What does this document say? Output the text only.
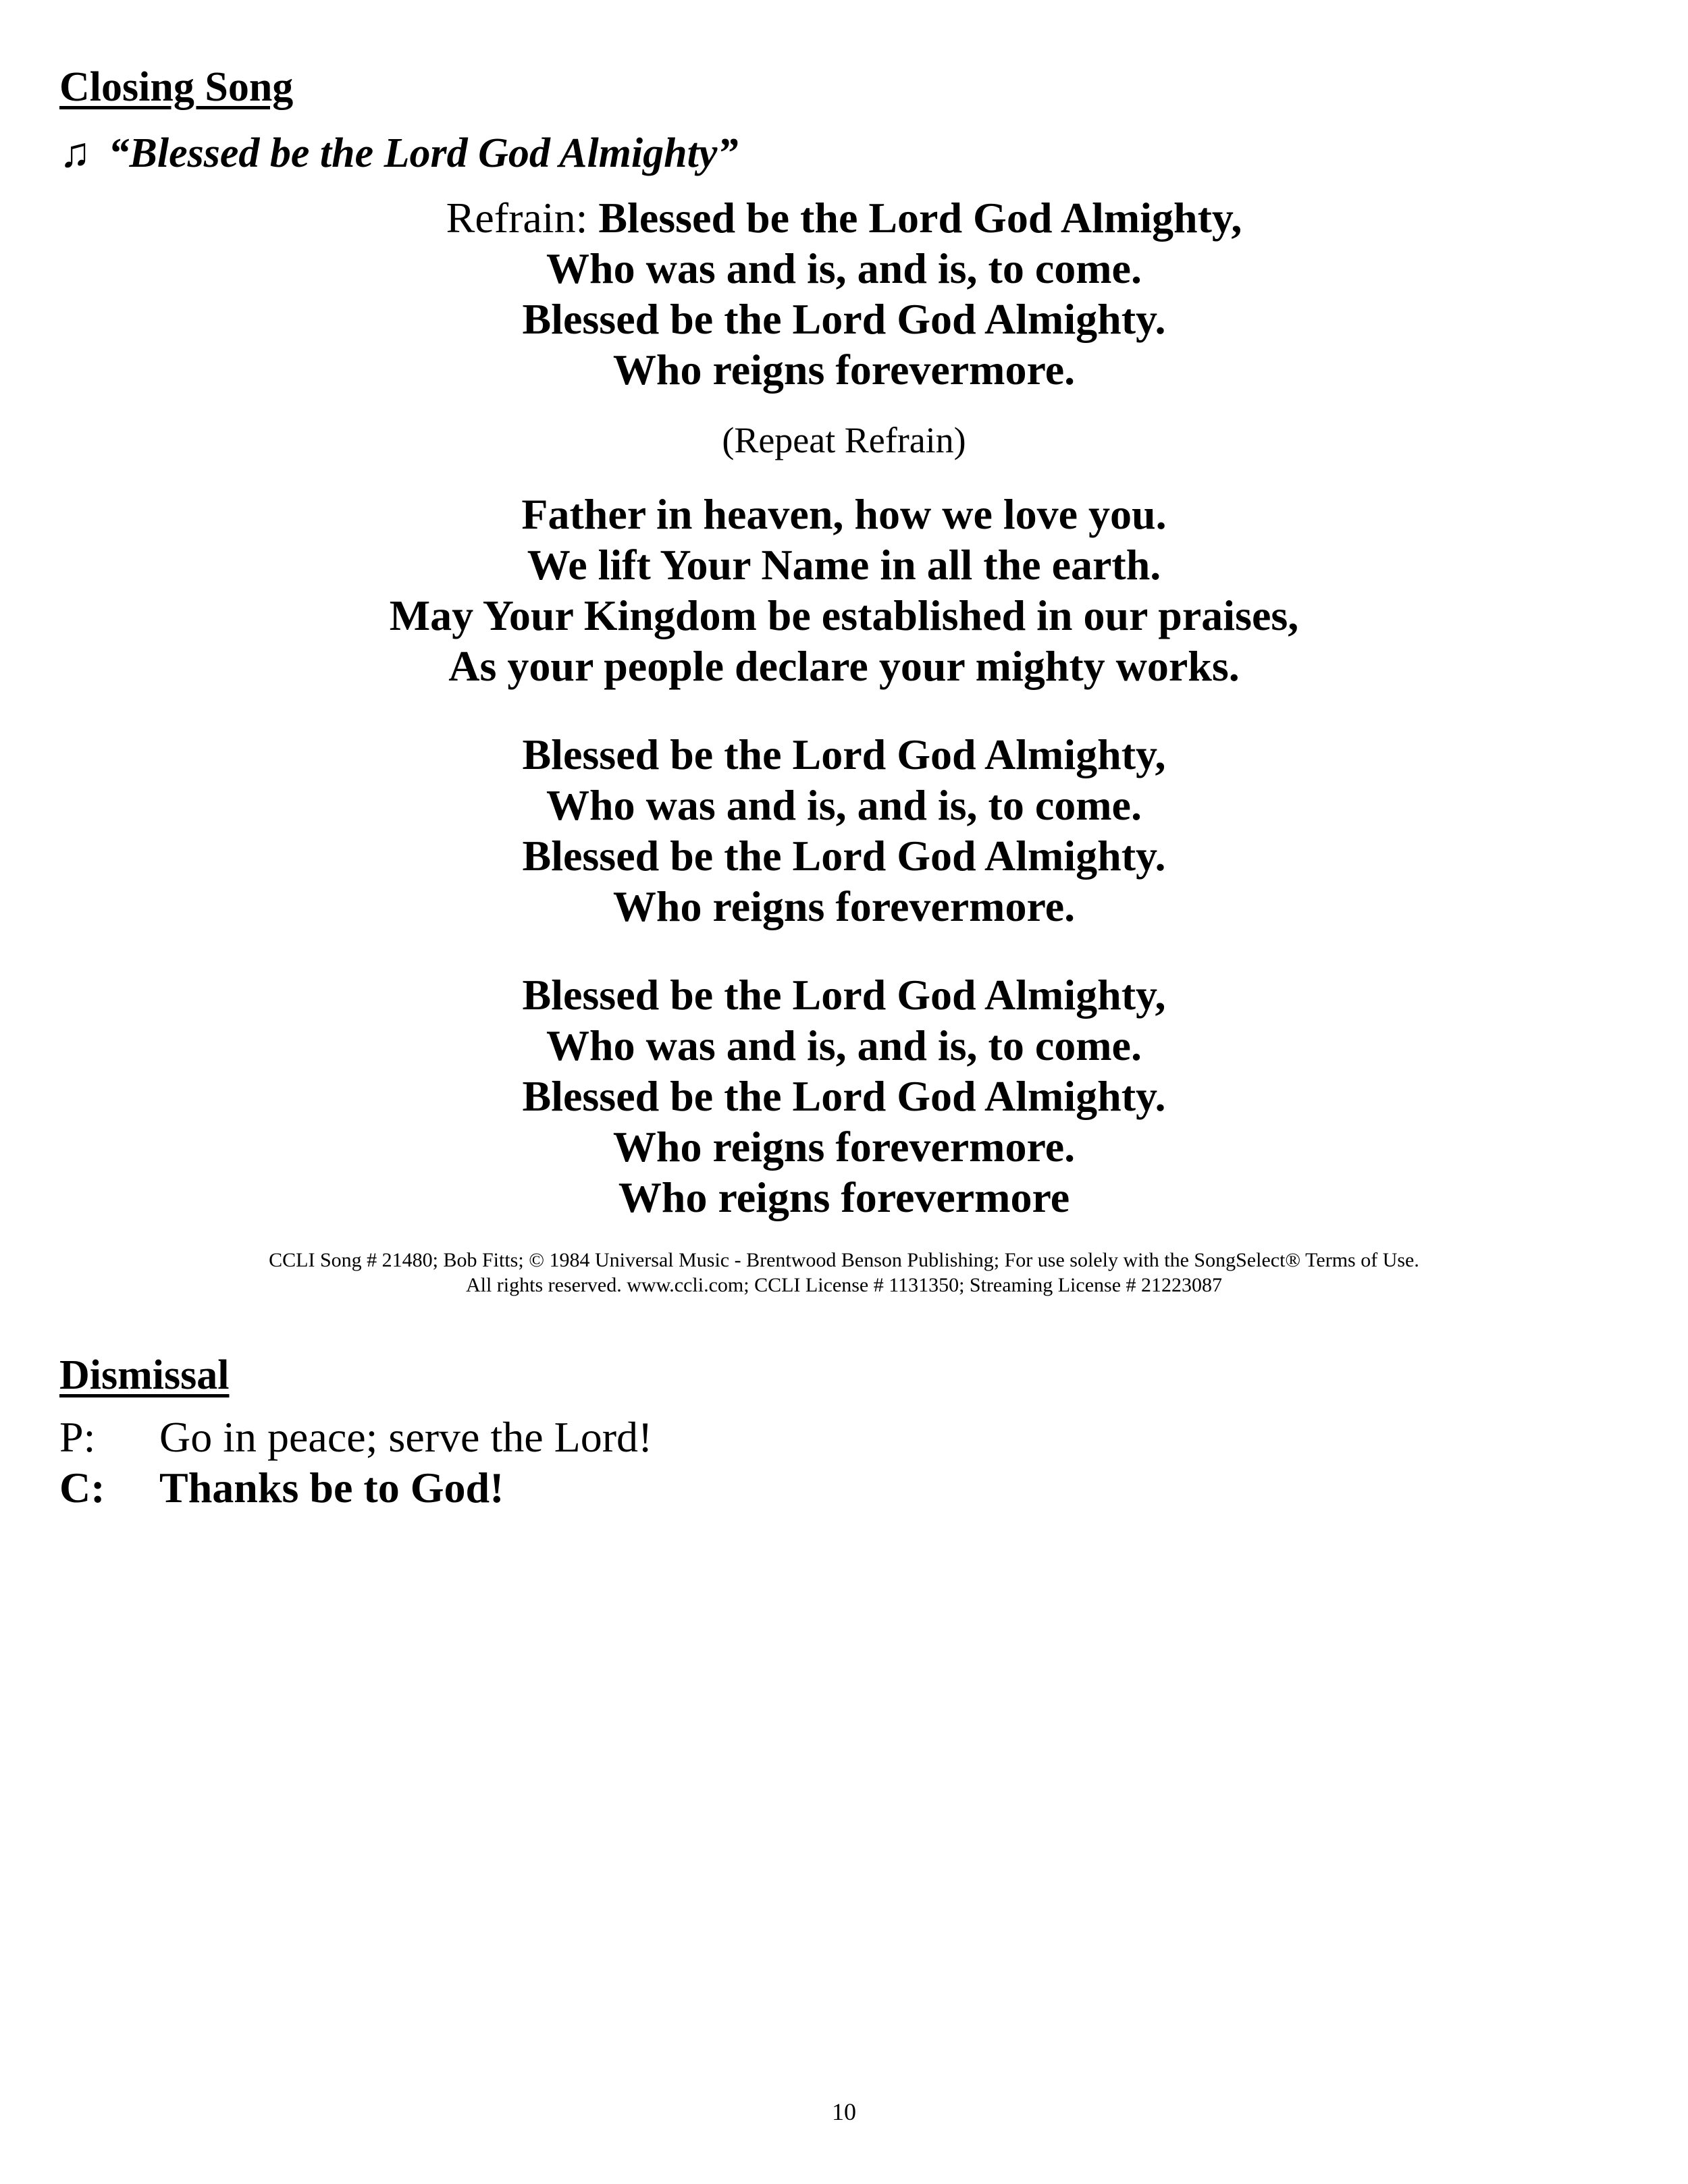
Closing Song
♫ “Blessed be the Lord God Almighty”
Refrain: Blessed be the Lord God Almighty,
Who was and is, and is, to come.
Blessed be the Lord God Almighty.
Who reigns forevermore.
(Repeat Refrain)
Father in heaven, how we love you.
We lift Your Name in all the earth.
May Your Kingdom be established in our praises,
As your people declare your mighty works.
Blessed be the Lord God Almighty,
Who was and is, and is, to come.
Blessed be the Lord God Almighty.
Who reigns forevermore.
Blessed be the Lord God Almighty,
Who was and is, and is, to come.
Blessed be the Lord God Almighty.
Who reigns forevermore.
Who reigns forevermore
CCLI Song # 21480; Bob Fitts; © 1984 Universal Music - Brentwood Benson Publishing; For use solely with the SongSelect® Terms of Use.
All rights reserved. www.ccli.com; CCLI License # 1131350; Streaming License # 21223087
Dismissal
P: Go in peace; serve the Lord!
C: Thanks be to God!
10
